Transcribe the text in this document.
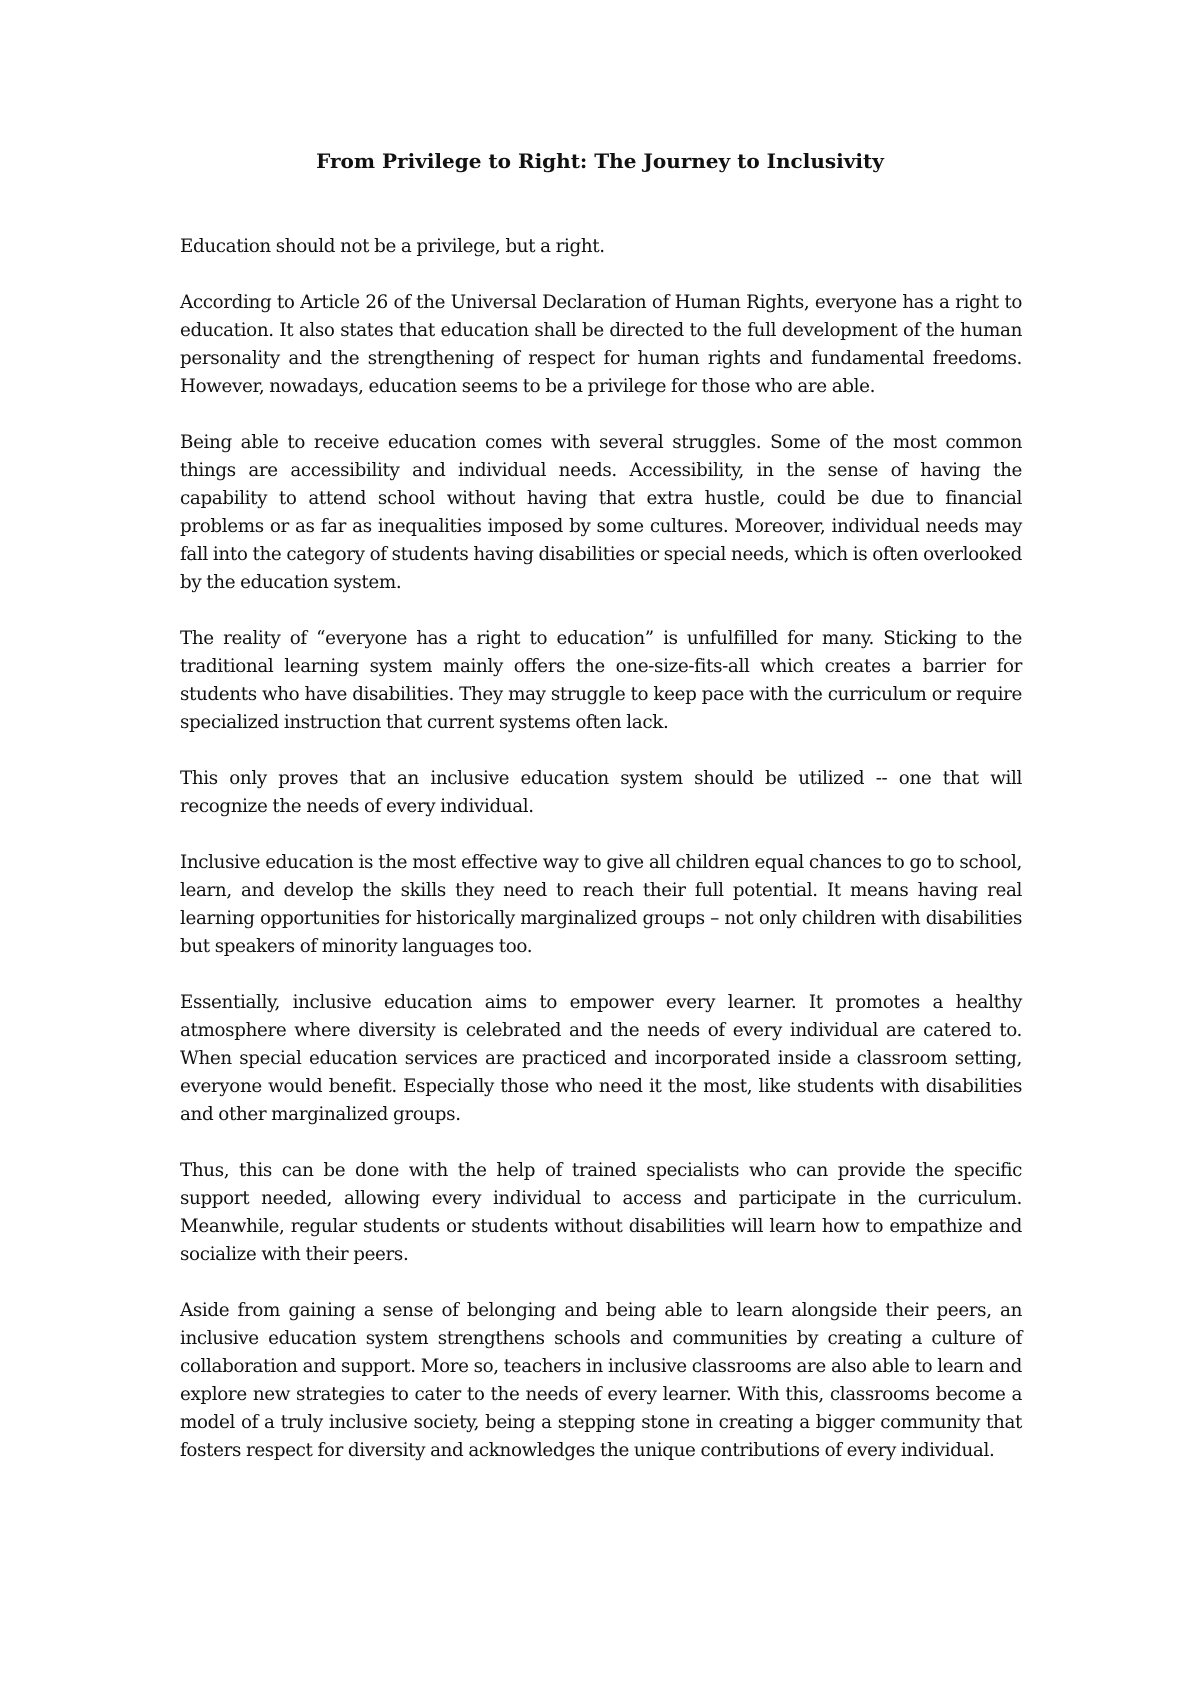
From Privilege to Right: The Journey to Inclusivity

Education should not be a privilege, but a right.

According to Article 26 of the Universal Declaration of Human Rights, everyone has a right to education. It also states that education shall be directed to the full development of the human personality and the strengthening of respect for human rights and fundamental freedoms. However, nowadays, education seems to be a privilege for those who are able.

Being able to receive education comes with several struggles. Some of the most common things are accessibility and individual needs. Accessibility, in the sense of having the capability to attend school without having that extra hustle, could be due to financial problems or as far as inequalities imposed by some cultures. Moreover, individual needs may fall into the category of students having disabilities or special needs, which is often overlooked by the education system.

The reality of “everyone has a right to education” is unfulfilled for many. Sticking to the traditional learning system mainly offers the one-size-fits-all which creates a barrier for students who have disabilities. They may struggle to keep pace with the curriculum or require specialized instruction that current systems often lack.

This only proves that an inclusive education system should be utilized -- one that will recognize the needs of every individual.

Inclusive education is the most effective way to give all children equal chances to go to school, learn, and develop the skills they need to reach their full potential. It means having real learning opportunities for historically marginalized groups – not only children with disabilities but speakers of minority languages too.

Essentially, inclusive education aims to empower every learner. It promotes a healthy atmosphere where diversity is celebrated and the needs of every individual are catered to. When special education services are practiced and incorporated inside a classroom setting, everyone would benefit. Especially those who need it the most, like students with disabilities and other marginalized groups.

Thus, this can be done with the help of trained specialists who can provide the specific support needed, allowing every individual to access and participate in the curriculum. Meanwhile, regular students or students without disabilities will learn how to empathize and socialize with their peers.

Aside from gaining a sense of belonging and being able to learn alongside their peers, an inclusive education system strengthens schools and communities by creating a culture of collaboration and support. More so, teachers in inclusive classrooms are also able to learn and explore new strategies to cater to the needs of every learner. With this, classrooms become a model of a truly inclusive society, being a stepping stone in creating a bigger community that fosters respect for diversity and acknowledges the unique contributions of every individual.
